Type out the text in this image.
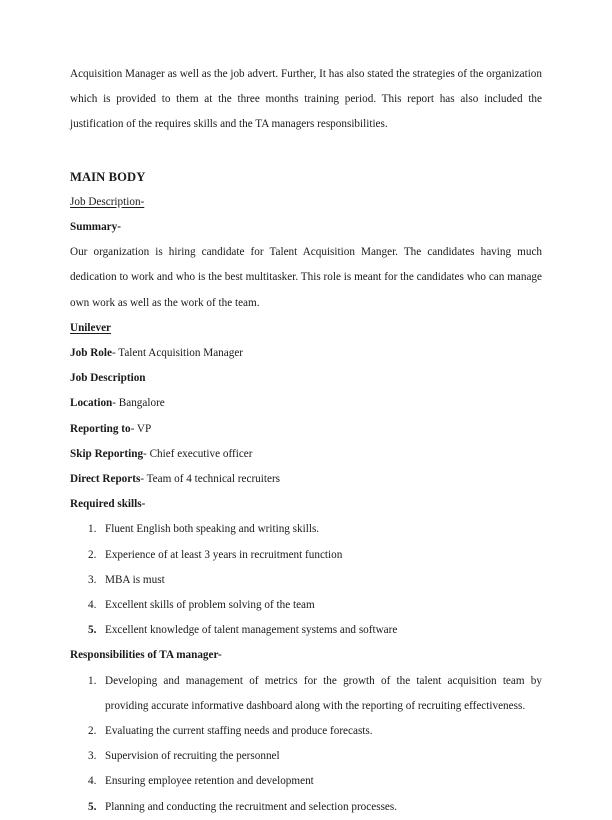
Acquisition Manager as well as the job advert. Further, It has also stated the strategies of the organization which is provided to them at the three months training period. This report has also included the justification of the requires skills and the TA managers responsibilities.

MAIN BODY
Job Description-
Summary-

Our organization is hiring candidate for Talent Acquisition Manger. The candidates having much dedication to work and who is the best multitasker. This role is meant for the candidates who can manage own work as well as the work of the team.

Unilever
Job Role- Talent Acquisition Manager
Job Description
Location- Bangalore
Reporting to- VP
Skip Reporting- Chief executive officer
Direct Reports- Team of 4 technical recruiters
Required skills-
1. Fluent English both speaking and writing skills.
2. Experience of at least 3 years in recruitment function
3. MBA is must
4. Excellent skills of problem solving of the team
5. Excellent knowledge of talent management systems and software
Responsibilities of TA manager-
1. Developing and management of metrics for the growth of the talent acquisition team by providing accurate informative dashboard along with the reporting of recruiting effectiveness.
2. Evaluating the current staffing needs and produce forecasts.
3. Supervision of recruiting the personnel
4. Ensuring employee retention and development
5. Planning and conducting the recruitment and selection processes.
